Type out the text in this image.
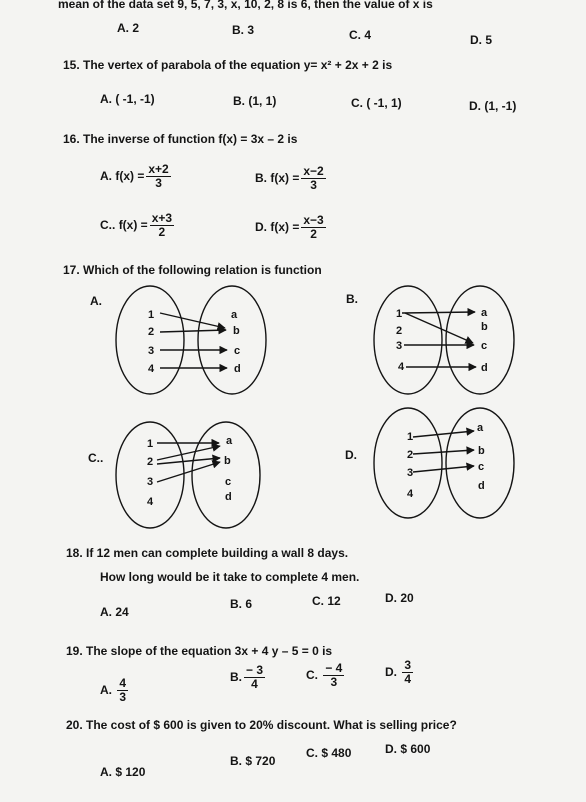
mean of the data set 9, 5, 7, 3, x, 10, 2, 8 is 6, then the value of x is
A. 2	B. 3	C. 4	D. 5
15. The vertex of parabola of the equation y= x² + 2x + 2 is
A. ( -1, -1)	B. (1, 1)	C. ( -1, 1)	D. (1, -1)
16. The inverse of function f(x) = 3x – 2 is
A.
$f(x) = \frac{x+2}{3}$	B.
$f(x) = \frac{x-2}{3}$
C..
$f(x) = \frac{x+3}{2}$	D.
$f(x) = \frac{x-3}{2}$
17. Which of the following relation is function
A.
1
2
3
4
a
b
c
d
B.
1
2
3
4
a
b
c
d
C..
1
2
3
4
a
b
c
d
D.
1
2
3
4
a
b
c
d
18. If 12 men can complete building a wall 8 days.
How long would be it take to complete 4 men.
A. 24
B. 6	C. 12	D. 20
19. The slope of the equation 3x + 4 y – 5 = 0 is
A.
$\frac{4}{3}$	B. $\frac{- 3}{4}$	C.
$\frac{- 4}{3}$	D.
$\frac{3}{4}$
20. The cost of $ 600 is given to 20% discount. What is selling price?
A. $ 120
B. $ 720
C. $ 480	D. $ 600
